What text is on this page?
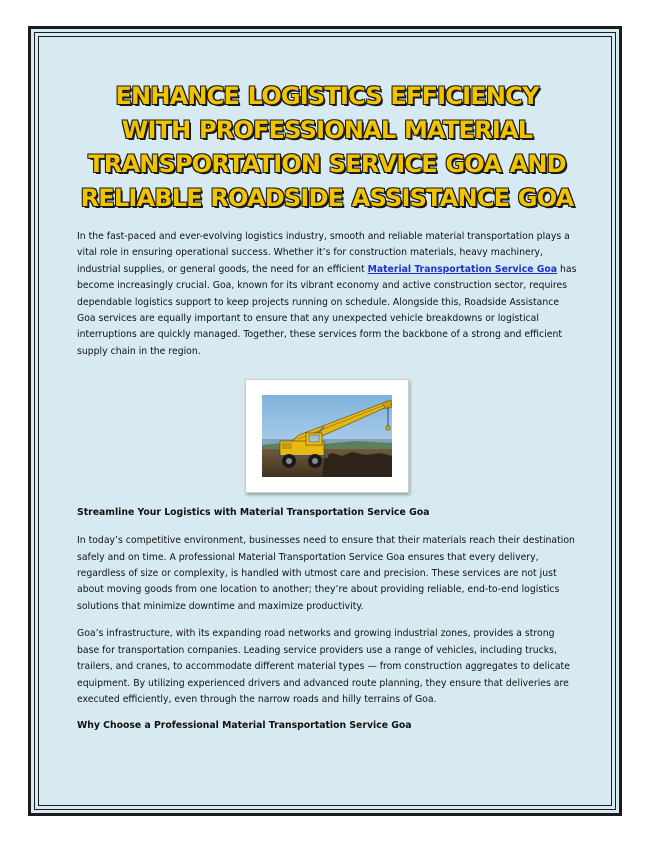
ENHANCE LOGISTICS EFFICIENCY WITH PROFESSIONAL MATERIAL TRANSPORTATION SERVICE GOA AND RELIABLE ROADSIDE ASSISTANCE GOA

In the fast-paced and ever-evolving logistics industry, smooth and reliable material transportation plays a vital role in ensuring operational success. Whether it’s for construction materials, heavy machinery, industrial supplies, or general goods, the need for an efficient Material Transportation Service Goa has become increasingly crucial. Goa, known for its vibrant economy and active construction sector, requires dependable logistics support to keep projects running on schedule. Alongside this, Roadside Assistance Goa services are equally important to ensure that any unexpected vehicle breakdowns or logistical interruptions are quickly managed. Together, these services form the backbone of a strong and efficient supply chain in the region.

Streamline Your Logistics with Material Transportation Service Goa

In today’s competitive environment, businesses need to ensure that their materials reach their destination safely and on time. A professional Material Transportation Service Goa ensures that every delivery, regardless of size or complexity, is handled with utmost care and precision. These services are not just about moving goods from one location to another; they’re about providing reliable, end-to-end logistics solutions that minimize downtime and maximize productivity.

Goa’s infrastructure, with its expanding road networks and growing industrial zones, provides a strong base for transportation companies. Leading service providers use a range of vehicles, including trucks, trailers, and cranes, to accommodate different material types — from construction aggregates to delicate equipment. By utilizing experienced drivers and advanced route planning, they ensure that deliveries are executed efficiently, even through the narrow roads and hilly terrains of Goa.

Why Choose a Professional Material Transportation Service Goa
